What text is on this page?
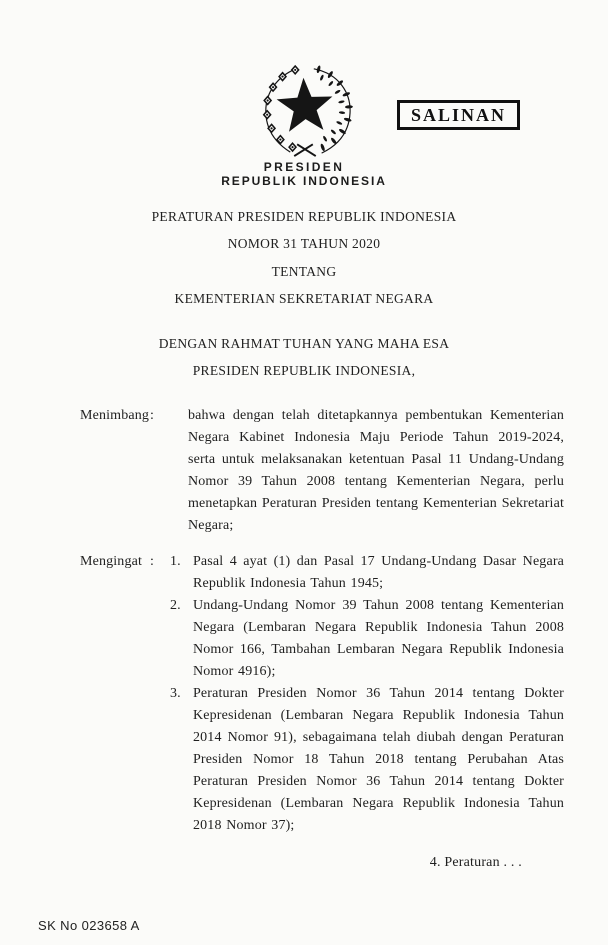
PRESIDEN
REPUBLIK INDONESIA
SALINAN
PERATURAN PRESIDEN REPUBLIK INDONESIA
NOMOR 31 TAHUN 2020
TENTANG
KEMENTERIAN SEKRETARIAT NEGARA
DENGAN RAHMAT TUHAN YANG MAHA ESA
PRESIDEN REPUBLIK INDONESIA,
Menimbang : bahwa dengan telah ditetapkannya pembentukan Kementerian Negara Kabinet Indonesia Maju Periode Tahun 2019-2024, serta untuk melaksanakan ketentuan Pasal 11 Undang-Undang Nomor 39 Tahun 2008 tentang Kementerian Negara, perlu menetapkan Peraturan Presiden tentang Kementerian Sekretariat Negara;
Mengingat : 1. Pasal 4 ayat (1) dan Pasal 17 Undang-Undang Dasar Negara Republik Indonesia Tahun 1945;
2. Undang-Undang Nomor 39 Tahun 2008 tentang Kementerian Negara (Lembaran Negara Republik Indonesia Tahun 2008 Nomor 166, Tambahan Lembaran Negara Republik Indonesia Nomor 4916);
3. Peraturan Presiden Nomor 36 Tahun 2014 tentang Dokter Kepresidenan (Lembaran Negara Republik Indonesia Tahun 2014 Nomor 91), sebagaimana telah diubah dengan Peraturan Presiden Nomor 18 Tahun 2018 tentang Perubahan Atas Peraturan Presiden Nomor 36 Tahun 2014 tentang Dokter Kepresidenan (Lembaran Negara Republik Indonesia Tahun 2018 Nomor 37);
4. Peraturan . . .
SK No 023658 A
